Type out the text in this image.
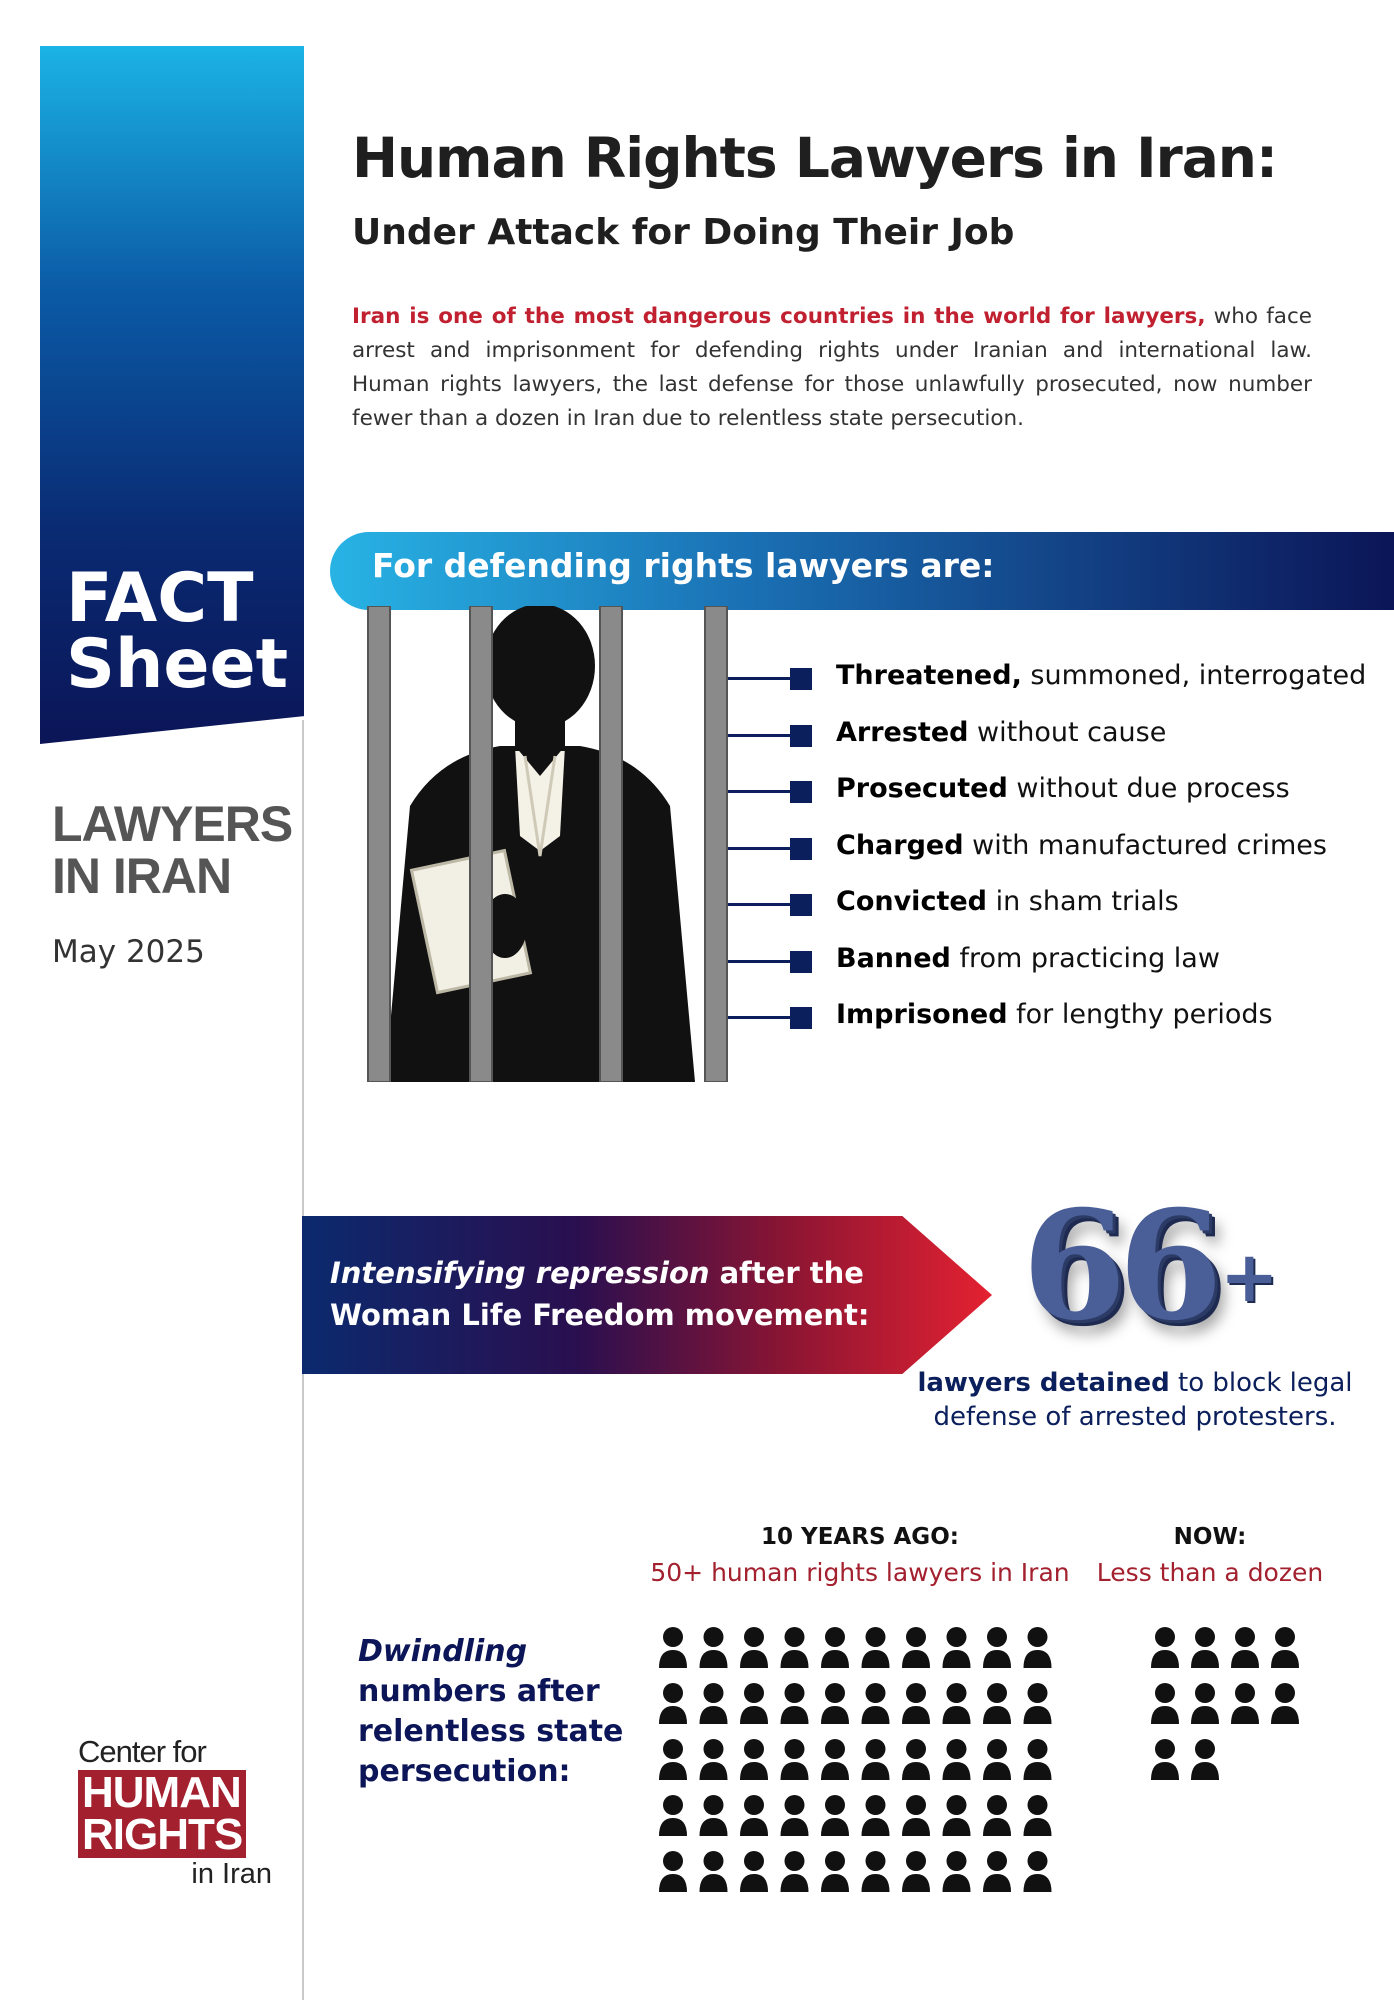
FACT
Sheet
LAWYERS
IN IRAN
May 2025
Center for
HUMAN
RIGHTS
in Iran
Human Rights Lawyers in Iran:
Under Attack for Doing Their Job
Iran is one of the most dangerous countries in the world for lawyers, who face arrest and imprisonment for defending rights under Iranian and international law. Human rights lawyers, the last defense for those unlawfully prosecuted, now number fewer than a dozen in Iran due to relentless state persecution.
For defending rights lawyers are:
Threatened, summoned, interrogated
Arrested without cause
Prosecuted without due process
Charged with manufactured crimes
Convicted in sham trials
Banned from practicing law
Imprisoned for lengthy periods
Intensifying repression after the
Woman Life Freedom movement: 66 +
lawyers detained to block legal defense of arrested protesters.
10 YEARS AGO:
50+ human rights lawyers in Iran
NOW:
Less than a dozen
Dwindling
numbers after
relentless state
persecution:
